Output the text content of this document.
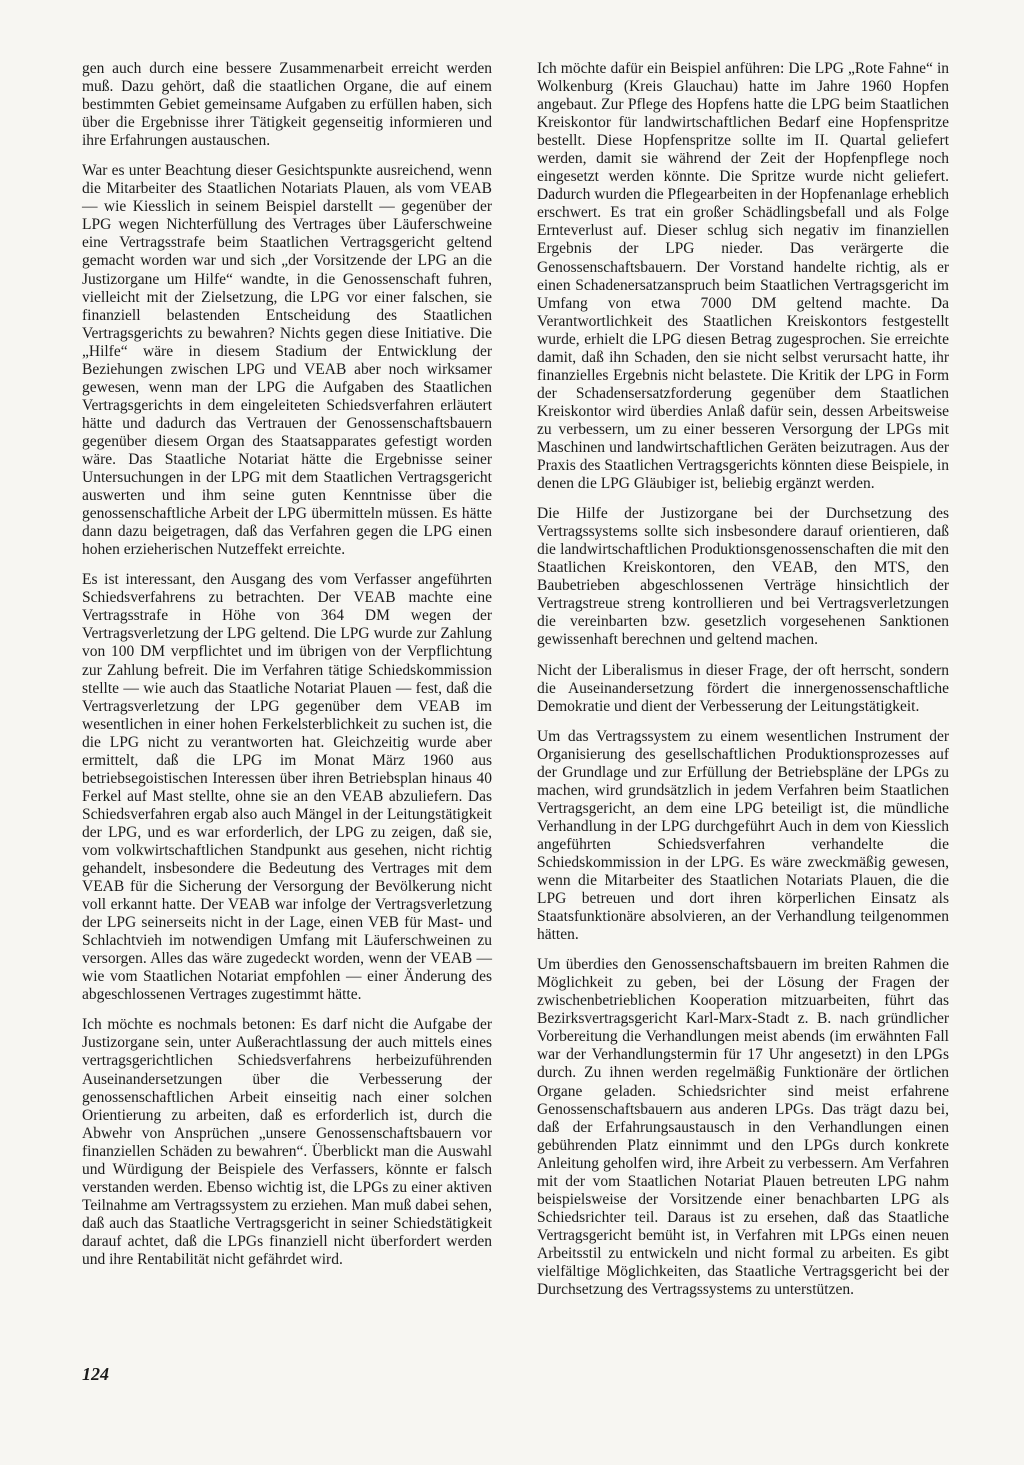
gen auch durch eine bessere Zusammenarbeit erreicht werden muß. Dazu gehört, daß die staatlichen Organe, die auf einem bestimmten Gebiet gemeinsame Aufgaben zu erfüllen haben, sich über die Ergebnisse ihrer Tätigkeit gegenseitig informieren und ihre Erfahrungen austauschen.

War es unter Beachtung dieser Gesichtspunkte ausreichend, wenn die Mitarbeiter des Staatlichen Notariats Plauen, als vom VEAB — wie Kiesslich in seinem Beispiel darstellt — gegenüber der LPG wegen Nichterfüllung des Vertrages über Läuferschweine eine Vertragsstrafe beim Staatlichen Vertragsgericht geltend gemacht worden war und sich „der Vorsitzende der LPG an die Justizorgane um Hilfe“ wandte, in die Genossenschaft fuhren, vielleicht mit der Zielsetzung, die LPG vor einer falschen, sie finanziell belastenden Entscheidung des Staatlichen Vertragsgerichts zu bewahren? Nichts gegen diese Initiative. Die „Hilfe“ wäre in diesem Stadium der Entwicklung der Beziehungen zwischen LPG und VEAB aber noch wirksamer gewesen, wenn man der LPG die Aufgaben des Staatlichen Vertragsgerichts in dem eingeleiteten Schiedsverfahren erläutert hätte und dadurch das Vertrauen der Genossenschaftsbauern gegenüber diesem Organ des Staatsapparates gefestigt worden wäre. Das Staatliche Notariat hätte die Ergebnisse seiner Untersuchungen in der LPG mit dem Staatlichen Vertragsgericht auswerten und ihm seine guten Kenntnisse über die genossenschaftliche Arbeit der LPG übermitteln müssen. Es hätte dann dazu beigetragen, daß das Verfahren gegen die LPG einen hohen erzieherischen Nutzeffekt erreichte.

Es ist interessant, den Ausgang des vom Verfasser angeführten Schiedsverfahrens zu betrachten. Der VEAB machte eine Vertragsstrafe in Höhe von 364 DM wegen der Vertragsverletzung der LPG geltend. Die LPG wurde zur Zahlung von 100 DM verpflichtet und im übrigen von der Verpflichtung zur Zahlung befreit. Die im Verfahren tätige Schiedskommission stellte — wie auch das Staatliche Notariat Plauen — fest, daß die Vertragsverletzung der LPG gegenüber dem VEAB im wesentlichen in einer hohen Ferkelsterblichkeit zu suchen ist, die die LPG nicht zu verantworten hat. Gleichzeitig wurde aber ermittelt, daß die LPG im Monat März 1960 aus betriebsegoistischen Interessen über ihren Betriebsplan hinaus 40 Ferkel auf Mast stellte, ohne sie an den VEAB abzuliefern. Das Schiedsverfahren ergab also auch Mängel in der Leitungstätigkeit der LPG, und es war erforderlich, der LPG zu zeigen, daß sie, vom volkwirtschaftlichen Standpunkt aus gesehen, nicht richtig gehandelt, insbesondere die Bedeutung des Vertrages mit dem VEAB für die Sicherung der Versorgung der Bevölkerung nicht voll erkannt hatte. Der VEAB war infolge der Vertragsverletzung der LPG seinerseits nicht in der Lage, einen VEB für Mast- und Schlachtvieh im notwendigen Umfang mit Läuferschweinen zu versorgen. Alles das wäre zugedeckt worden, wenn der VEAB — wie vom Staatlichen Notariat empfohlen — einer Änderung des abgeschlossenen Vertrages zugestimmt hätte.

Ich möchte es nochmals betonen: Es darf nicht die Aufgabe der Justizorgane sein, unter Außerachtlassung der auch mittels eines vertragsgerichtlichen Schiedsverfahrens herbeizuführenden Auseinandersetzungen über die Verbesserung der genossenschaftlichen Arbeit einseitig nach einer solchen Orientierung zu arbeiten, daß es erforderlich ist, durch die Abwehr von Ansprüchen „unsere Genossenschaftsbauern vor finanziellen Schäden zu bewahren“. Überblickt man die Auswahl und Würdigung der Beispiele des Verfassers, könnte er falsch verstanden werden. Ebenso wichtig ist, die LPGs zu einer aktiven Teilnahme am Vertragssystem zu erziehen. Man muß dabei sehen, daß auch das Staatliche Vertragsgericht in seiner Schiedstätigkeit darauf achtet, daß die LPGs finanziell nicht überfordert werden und ihre Rentabilität nicht gefährdet wird.

Ich möchte dafür ein Beispiel anführen: Die LPG „Rote Fahne“ in Wolkenburg (Kreis Glauchau) hatte im Jahre 1960 Hopfen angebaut. Zur Pflege des Hopfens hatte die LPG beim Staatlichen Kreiskontor für landwirtschaftlichen Bedarf eine Hopfenspritze bestellt. Diese Hopfenspritze sollte im II. Quartal geliefert werden, damit sie während der Zeit der Hopfenpflege noch eingesetzt werden könnte. Die Spritze wurde nicht geliefert. Dadurch wurden die Pflegearbeiten in der Hopfenanlage erheblich erschwert. Es trat ein großer Schädlingsbefall und als Folge Ernteverlust auf. Dieser schlug sich negativ im finanziellen Ergebnis der LPG nieder. Das verärgerte die Genossenschaftsbauern. Der Vorstand handelte richtig, als er einen Schadenersatzanspruch beim Staatlichen Vertragsgericht im Umfang von etwa 7000 DM geltend machte. Da Verantwortlichkeit des Staatlichen Kreiskontors festgestellt wurde, erhielt die LPG diesen Betrag zugesprochen. Sie erreichte damit, daß ihn Schaden, den sie nicht selbst verursacht hatte, ihr finanzielles Ergebnis nicht belastete. Die Kritik der LPG in Form der Schadensersatzforderung gegenüber dem Staatlichen Kreiskontor wird überdies Anlaß dafür sein, dessen Arbeitsweise zu verbessern, um zu einer besseren Versorgung der LPGs mit Maschinen und landwirtschaftlichen Geräten beizutragen. Aus der Praxis des Staatlichen Vertragsgerichts könnten diese Beispiele, in denen die LPG Gläubiger ist, beliebig ergänzt werden.

Die Hilfe der Justizorgane bei der Durchsetzung des Vertragssystems sollte sich insbesondere darauf orientieren, daß die landwirtschaftlichen Produktionsgenossenschaften die mit den Staatlichen Kreiskontoren, den VEAB, den MTS, den Baubetrieben abgeschlossenen Verträge hinsichtlich der Vertragstreue streng kontrollieren und bei Vertragsverletzungen die vereinbarten bzw. gesetzlich vorgesehenen Sanktionen gewissenhaft berechnen und geltend machen.

Nicht der Liberalismus in dieser Frage, der oft herrscht, sondern die Auseinandersetzung fördert die innergenossenschaftliche Demokratie und dient der Verbesserung der Leitungstätigkeit.

Um das Vertragssystem zu einem wesentlichen Instrument der Organisierung des gesellschaftlichen Produktionsprozesses auf der Grundlage und zur Erfüllung der Betriebspläne der LPGs zu machen, wird grundsätzlich in jedem Verfahren beim Staatlichen Vertragsgericht, an dem eine LPG beteiligt ist, die mündliche Verhandlung in der LPG durchgeführt Auch in dem von Kiesslich angeführten Schiedsverfahren verhandelte die Schiedskommission in der LPG. Es wäre zweckmäßig gewesen, wenn die Mitarbeiter des Staatlichen Notariats Plauen, die die LPG betreuen und dort ihren körperlichen Einsatz als Staatsfunktionäre absolvieren, an der Verhandlung teilgenommen hätten.

Um überdies den Genossenschaftsbauern im breiten Rahmen die Möglichkeit zu geben, bei der Lösung der Fragen der zwischenbetrieblichen Kooperation mitzuarbeiten, führt das Bezirksvertragsgericht Karl-Marx-Stadt z. B. nach gründlicher Vorbereitung die Verhandlungen meist abends (im erwähnten Fall war der Verhandlungstermin für 17 Uhr angesetzt) in den LPGs durch. Zu ihnen werden regelmäßig Funktionäre der örtlichen Organe geladen. Schiedsrichter sind meist erfahrene Genossenschaftsbauern aus anderen LPGs. Das trägt dazu bei, daß der Erfahrungsaustausch in den Verhandlungen einen gebührenden Platz einnimmt und den LPGs durch konkrete Anleitung geholfen wird, ihre Arbeit zu verbessern. Am Verfahren mit der vom Staatlichen Notariat Plauen betreuten LPG nahm beispielsweise der Vorsitzende einer benachbarten LPG als Schiedsrichter teil. Daraus ist zu ersehen, daß das Staatliche Vertragsgericht bemüht ist, in Verfahren mit LPGs einen neuen Arbeitsstil zu entwickeln und nicht formal zu arbeiten. Es gibt vielfältige Möglichkeiten, das Staatliche Vertragsgericht bei der Durchsetzung des Vertragssystems zu unterstützen.

124
